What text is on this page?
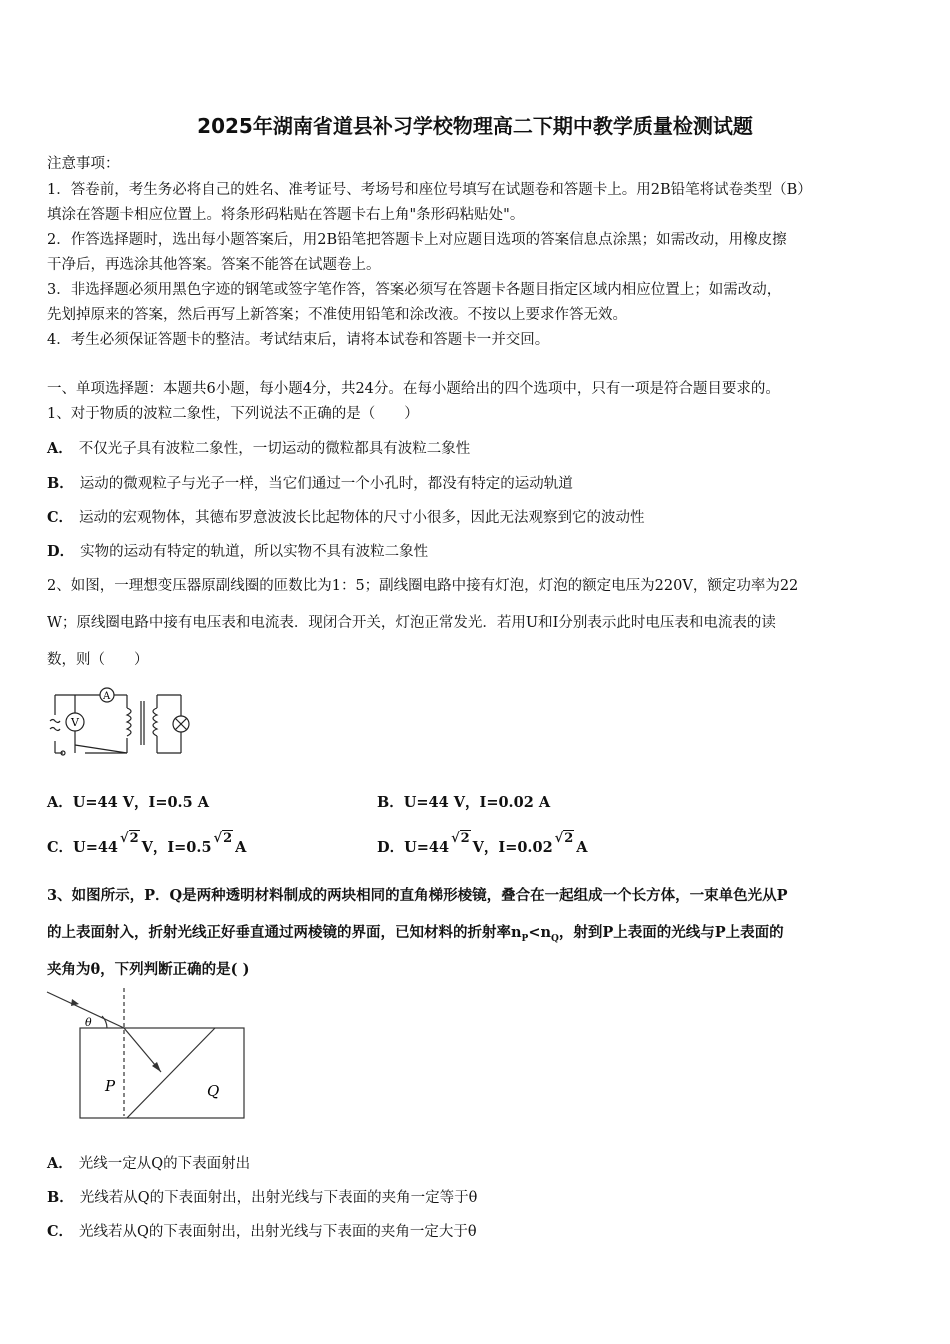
2025年湖南省道县补习学校物理高二下期中教学质量检测试题
注意事项：
1．答卷前，考生务必将自己的姓名、准考证号、考场号和座位号填写在试题卷和答题卡上。用2B铅笔将试卷类型（B）
填涂在答题卡相应位置上。将条形码粘贴在答题卡右上角"条形码粘贴处"。
2．作答选择题时，选出每小题答案后，用2B铅笔把答题卡上对应题目选项的答案信息点涂黑；如需改动，用橡皮擦
干净后，再选涂其他答案。答案不能答在试题卷上。
3．非选择题必须用黑色字迹的钢笔或签字笔作答，答案必须写在答题卡各题目指定区域内相应位置上；如需改动，
先划掉原来的答案，然后再写上新答案；不准使用铅笔和涂改液。不按以上要求作答无效。
4．考生必须保证答题卡的整洁。考试结束后，请将本试卷和答题卡一并交回。
一、单项选择题：本题共6小题，每小题4分，共24分。在每小题给出的四个选项中，只有一项是符合题目要求的。
1、对于物质的波粒二象性，下列说法不正确的是（　　）
A． 不仅光子具有波粒二象性，一切运动的微粒都具有波粒二象性
B． 运动的微观粒子与光子一样，当它们通过一个小孔时，都没有特定的运动轨道
C． 运动的宏观物体，其德布罗意波波长比起物体的尺寸小很多，因此无法观察到它的波动性
D． 实物的运动有特定的轨道，所以实物不具有波粒二象性
2、如图，一理想变压器原副线圈的匝数比为1：5；副线圈电路中接有灯泡，灯泡的额定电压为220V，额定功率为22
W；原线圈电路中接有电压表和电流表．现闭合开关，灯泡正常发光．若用U和I分别表示此时电压表和电流表的读
数，则（　　）
A
V
A．U=44 V，I=0.5 A	B．U=44 V，I=0.02 A
C．U=44√2V，I=0.5√2A	D．U=44√2V，I=0.02√2A
3、如图所示，P．Q是两种透明材料制成的两块相同的直角梯形棱镜，叠合在一起组成一个长方体，一束单色光从P
的上表面射入，折射光线正好垂直通过两棱镜的界面，已知材料的折射率$n_P<n_Q$，射到P上表面的光线与P上表面的
夹角为θ，下列判断正确的是( )
θ
P	Q
A． 光线一定从Q的下表面射出
B． 光线若从Q的下表面射出，出射光线与下表面的夹角一定等于θ
C． 光线若从Q的下表面射出，出射光线与下表面的夹角一定大于θ
